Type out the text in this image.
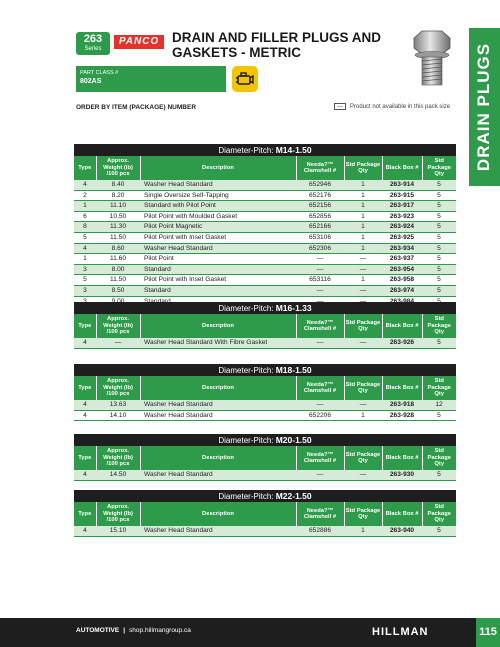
263
Series
PANCO DRAIN AND FILLER PLUGS AND GASKETS - METRIC
PART CLASS #
802AS	DRAIN PLUGS
ORDER BY ITEM (PACKAGE) NUMBER	—	Product not available in this pack size
Diameter-Pitch: M14-1.50
Type	Approx. Weight (lb) /100 pcs	Description	Needa?™ Clamshell #	Std Package Qty	Black Box #	Std Package Qty
4	8.40	Washer Head Standard	652946	1	263-914	5
2	8.20	Single Oversize Self-Tapping	652176	1	263-915	5
1	11.10	Standard with Pilot Point	652156	1	263-917	5
6	10.50	Pilot Point with Moulded Gasket	652856	1	263-923	5
8	11.30	Pilot Point Magnetic	652166	1	263-924	5
5	11.50	Pilot Point with Inset Gasket	653106	1	263-925	5
4	8.60	Washer Head Standard	652306	1	263-934	5
1	11.60	Pilot Point	—	—	263-937	5
3	8.00	Standard	—	—	263-954	5
5	11.50	Pilot Point with Inset Gasket	653116	1	263-958	5
3	8.50	Standard	—	—	263-974	5

Diameter-Pitch: M16-1.33
Type	Approx. Weight (lb) /100 pcs	Description	Needa?™ Clamshell #	Std Package Qty	Black Box #	Std Package Qty
4	—	Washer Head Standard With Fibre Gasket	—	—	263-926	5
Diameter-Pitch: M18-1.50
Type	Approx. Weight (lb) /100 pcs	Description	Needa?™ Clamshell #	Std Package Qty	Black Box #	Std Package Qty
4	13.63	Washer Head Standard	—	—	263-918	12
4	14.10	Washer Head Standard	652206	1	263-928	5
Diameter-Pitch: M20-1.50
Type	Approx. Weight (lb) /100 pcs	Description	Needa?™ Clamshell #	Std Package Qty	Black Box #	Std Package Qty
4	14.50	Washer Head Standard	—	—	263-930	5
Diameter-Pitch: M22-1.50
Type	Approx. Weight (lb) /100 pcs	Description	Needa?™ Clamshell #	Std Package Qty	Black Box #	Std Package Qty
4	15.10	Washer Head Standard	652886	1	263-940	5
AUTOMOTIVE | shop.hillmangroup.ca	HILLMAN	115
